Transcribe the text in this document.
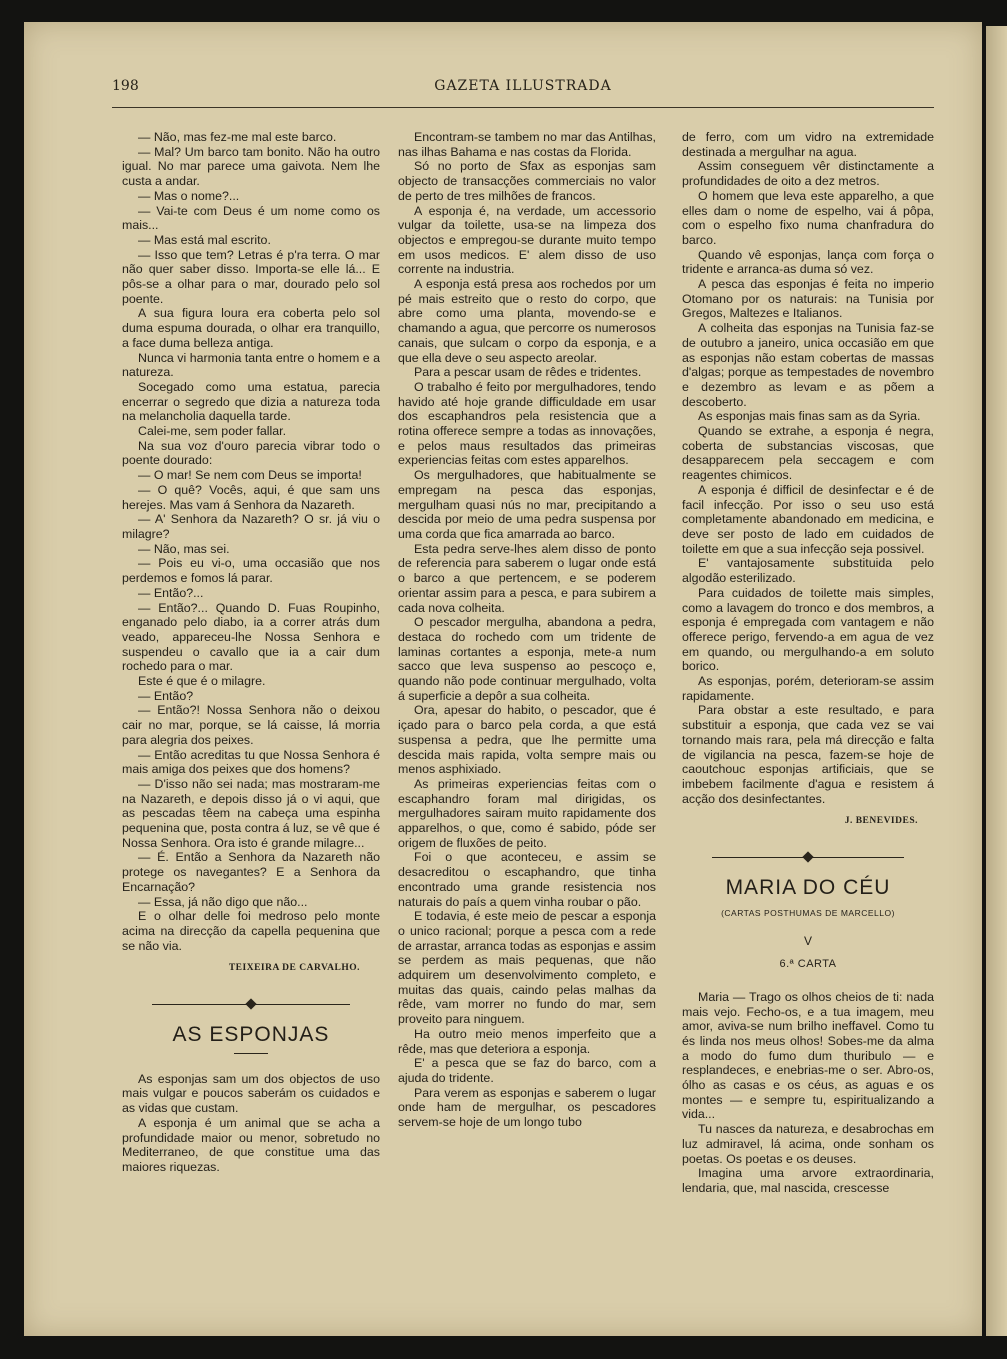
198	GAZETA ILLUSTRADA

— Não, mas fez-me mal este barco.

— Mal? Um barco tam bonito. Não ha outro igual. No mar parece uma gaivota. Nem lhe custa a andar.

— Mas o nome?...

— Vai-te com Deus é um nome como os mais...

— Mas está mal escrito.

— Isso que tem? Letras é p'ra terra. O mar não quer saber disso. Importa-se elle lá... E pôs-se a olhar para o mar, dourado pelo sol poente.

A sua figura loura era coberta pelo sol duma espuma dourada, o olhar era tranquillo, a face duma belleza antiga.

Nunca vi harmonia tanta entre o homem e a natureza.

Socegado como uma estatua, parecia encerrar o segredo que dizia a natureza toda na melancholia daquella tarde.

Calei-me, sem poder fallar.

Na sua voz d'ouro parecia vibrar todo o poente dourado:

— O mar! Se nem com Deus se importa!

— O quê? Vocês, aqui, é que sam uns herejes. Mas vam á Senhora da Nazareth.

— A' Senhora da Nazareth? O sr. já viu o milagre?

— Não, mas sei.

— Pois eu vi-o, uma occasião que nos perdemos e fomos lá parar.

— Então?...

— Então?... Quando D. Fuas Roupinho, enganado pelo diabo, ia a correr atrás dum veado, appareceu-lhe Nossa Senhora e suspendeu o cavallo que ia a cair dum rochedo para o mar.

Este é que é o milagre.

— Então?

— Então?! Nossa Senhora não o deixou cair no mar, porque, se lá caisse, lá morria para alegria dos peixes.

— Então acreditas tu que Nossa Senhora é mais amiga dos peixes que dos homens?

— D'isso não sei nada; mas mostraram-me na Nazareth, e depois disso já o vi aqui, que as pescadas têem na cabeça uma espinha pequenina que, posta contra á luz, se vê que é Nossa Senhora. Ora isto é grande milagre...

— É. Então a Senhora da Nazareth não protege os navegantes? E a Senhora da Encarnação?

— Essa, já não digo que não...

E o olhar delle foi medroso pelo monte acima na direcção da capella pequenina que se não via.

TEIXEIRA DE CARVALHO.
AS ESPONJAS

As esponjas sam um dos objectos de uso mais vulgar e poucos saberám os cuidados e as vidas que custam.

A esponja é um animal que se acha a profundidade maior ou menor, sobretudo no Mediterraneo, de que constitue uma das maiores riquezas.

Encontram-se tambem no mar das Antilhas, nas ilhas Bahama e nas costas da Florida.

Só no porto de Sfax as esponjas sam objecto de transacções commerciais no valor de perto de tres milhões de francos.

A esponja é, na verdade, um accessorio vulgar da toilette, usa-se na limpeza dos objectos e empregou-se durante muito tempo em usos medicos. E' alem disso de uso corrente na industria.

A esponja está presa aos rochedos por um pé mais estreito que o resto do corpo, que abre como uma planta, movendo-se e chamando a agua, que percorre os numerosos canais, que sulcam o corpo da esponja, e a que ella deve o seu aspecto areolar.

Para a pescar usam de rêdes e tridentes.

O trabalho é feito por mergulhadores, tendo havido até hoje grande difficuldade em usar dos escaphandros pela resistencia que a rotina offerece sempre a todas as innovações, e pelos maus resultados das primeiras experiencias feitas com estes apparelhos.

Os mergulhadores, que habitualmente se empregam na pesca das esponjas, mergulham quasi nús no mar, precipitando a descida por meio de uma pedra suspensa por uma corda que fica amarrada ao barco.

Esta pedra serve-lhes alem disso de ponto de referencia para saberem o lugar onde está o barco a que pertencem, e se poderem orientar assim para a pesca, e para subirem a cada nova colheita.

O pescador mergulha, abandona a pedra, destaca do rochedo com um tridente de laminas cortantes a esponja, mete-a num sacco que leva suspenso ao pescoço e, quando não pode continuar mergulhado, volta á superficie a depôr a sua colheita.

Ora, apesar do habito, o pescador, que é içado para o barco pela corda, a que está suspensa a pedra, que lhe permitte uma descida mais rapida, volta sempre mais ou menos asphixiado.

As primeiras experiencias feitas com o escaphandro foram mal dirigidas, os mergulhadores sairam muito rapidamente dos apparelhos, o que, como é sabido, póde ser origem de fluxões de peito.

Foi o que aconteceu, e assim se desacreditou o escaphandro, que tinha encontrado uma grande resistencia nos naturais do país a quem vinha roubar o pão.

E todavia, é este meio de pescar a esponja o unico racional; porque a pesca com a rede de arrastar, arranca todas as esponjas e assim se perdem as mais pequenas, que não adquirem um desenvolvimento completo, e muitas das quais, caindo pelas malhas da rêde, vam morrer no fundo do mar, sem proveito para ninguem.

Ha outro meio menos imperfeito que a rêde, mas que deteriora a esponja.

E' a pesca que se faz do barco, com a ajuda do tridente.

Para verem as esponjas e saberem o lugar onde ham de mergulhar, os pescadores servem-se hoje de um longo tubo

de ferro, com um vidro na extremidade destinada a mergulhar na agua.

Assim conseguem vêr distinctamente a profundidades de oito a dez metros.

O homem que leva este apparelho, a que elles dam o nome de espelho, vai á pôpa, com o espelho fixo numa chanfradura do barco.

Quando vê esponjas, lança com força o tridente e arranca-as duma só vez.

A pesca das esponjas é feita no imperio Otomano por os naturais: na Tunisia por Gregos, Maltezes e Italianos.

A colheita das esponjas na Tunisia faz-se de outubro a janeiro, unica occasião em que as esponjas não estam cobertas de massas d'algas; porque as tempestades de novembro e dezembro as levam e as põem a descoberto.

As esponjas mais finas sam as da Syria.

Quando se extrahe, a esponja é negra, coberta de substancias viscosas, que desapparecem pela seccagem e com reagentes chimicos.

A esponja é difficil de desinfectar e é de facil infecção. Por isso o seu uso está completamente abandonado em medicina, e deve ser posto de lado em cuidados de toilette em que a sua infecção seja possivel.

E' vantajosamente substituida pelo algodão esterilizado.

Para cuidados de toilette mais simples, como a lavagem do tronco e dos membros, a esponja é empregada com vantagem e não offerece perigo, fervendo-a em agua de vez em quando, ou mergulhando-a em soluto borico.

As esponjas, porém, deterioram-se assim rapidamente.

Para obstar a este resultado, e para substituir a esponja, que cada vez se vai tornando mais rara, pela má direcção e falta de vigilancia na pesca, fazem-se hoje de caoutchouc esponjas artificiais, que se imbebem facilmente d'agua e resistem á acção dos desinfectantes.

J. BENEVIDES.
MARIA DO CÉU
(CARTAS POSTHUMAS DE MARCELLO)
V
6.ª CARTA

Maria — Trago os olhos cheios de ti: nada mais vejo. Fecho-os, e a tua imagem, meu amor, aviva-se num brilho ineffavel. Como tu és linda nos meus olhos! Sobes-me da alma a modo do fumo dum thuribulo — e resplandeces, e enebrias-me o ser. Abro-os, ólho as casas e os céus, as aguas e os montes — e sempre tu, espiritualizando a vida...

Tu nasces da natureza, e desabrochas em luz admiravel, lá acima, onde sonham os poetas. Os poetas e os deuses.

Imagina uma arvore extraordinaria, lendaria, que, mal nascida, crescesse
